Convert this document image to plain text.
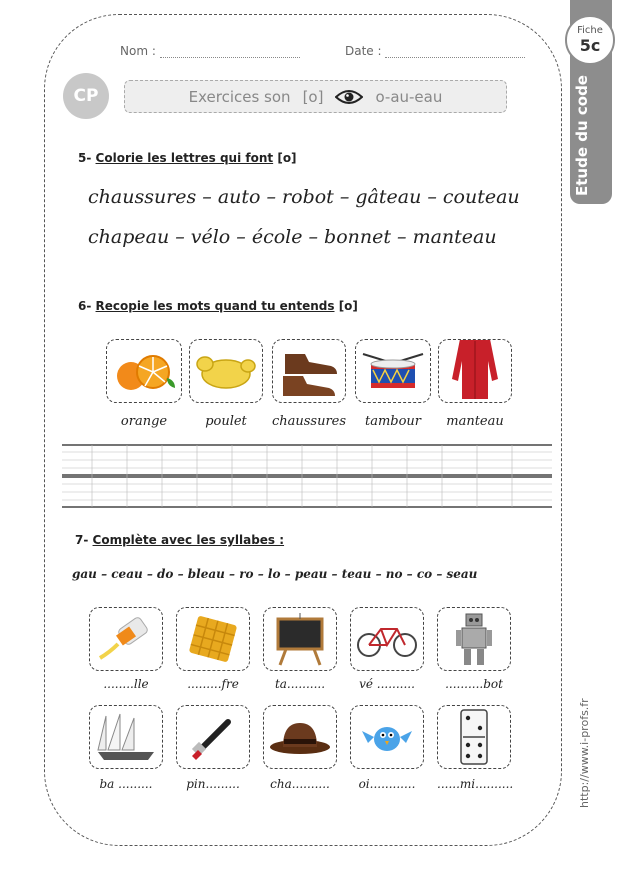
Fiche
5c
Etude du code
http://www.i-profs.fr
Nom :	Date :
CP	Exercices son [o]	o-au-eau
5- Colorie les lettres qui font [o]
chaussures – auto – robot – gâteau – couteau
chapeau – vélo – école – bonnet – manteau
6- Recopie les mots quand tu entends [o]
orange	poulet	chaussures	tambour	manteau
7- Complète avec les syllabes :
gau – ceau – do – bleau – ro – lo – peau – teau – no – co – seau
........lle	.........fre	ta..........	vé ..........	..........bot
ba .........	pin.........	cha..........	oi............	......mi..........
